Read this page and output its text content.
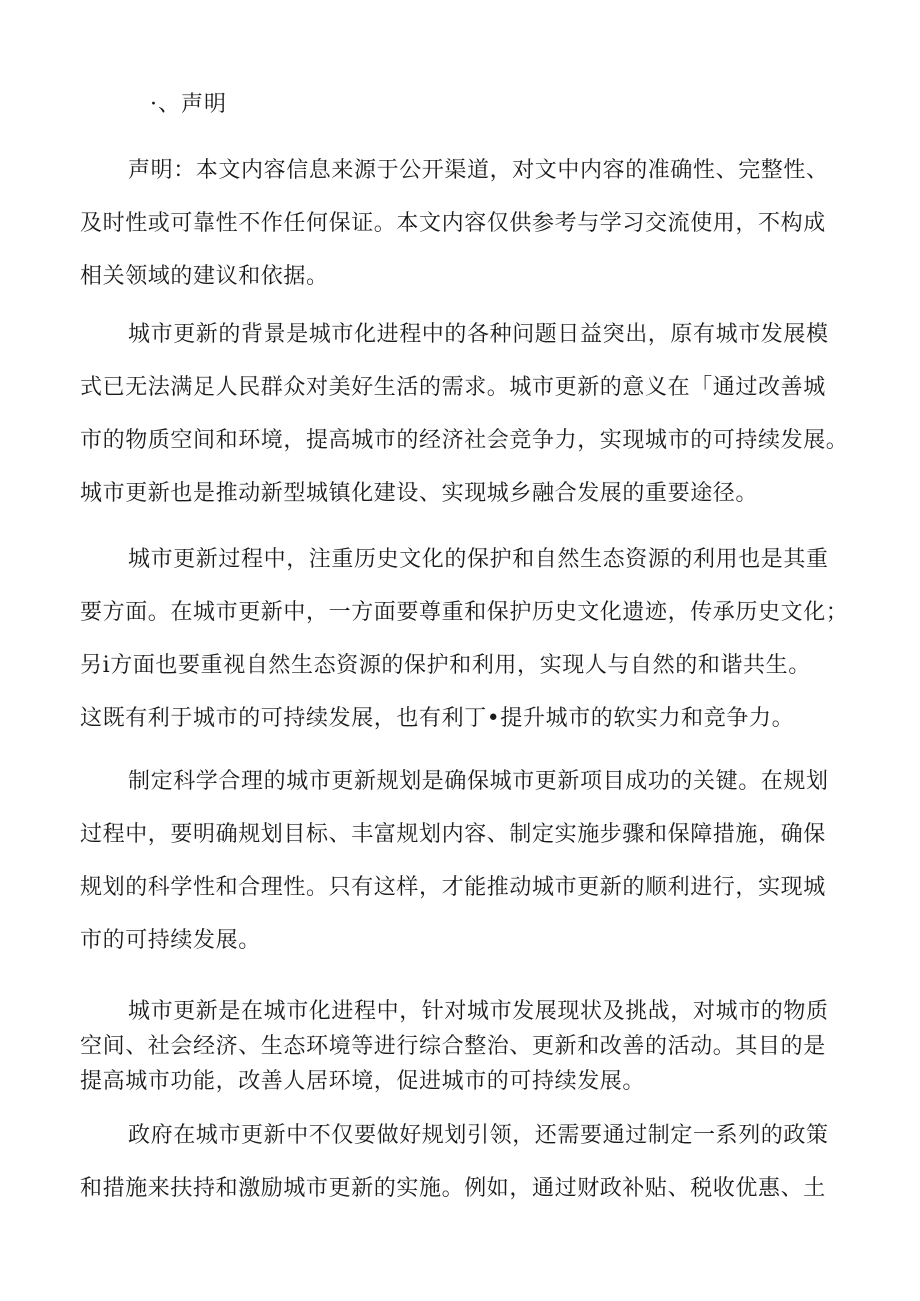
·、声明
声明：本文内容信息来源于公开渠道，对文中内容的准确性、完整性、
及时性或可靠性不作任何保证。本文内容仅供参考与学习交流使用，不构成
相关领域的建议和依据。
城市更新的背景是城市化进程中的各种问题日益突出，原有城市发展模
式已无法满足人民群众对美好生活的需求。城市更新的意义在「通过改善城
市的物质空间和环境，提高城市的经济社会竞争力，实现城市的可持续发展。
城市更新也是推动新型城镇化建设、实现城乡融合发展的重要途径。
城市更新过程中，注重历史文化的保护和自然生态资源的利用也是其重
要方面。在城市更新中，一方面要尊重和保护历史文化遗迹，传承历史文化；
另i方面也要重视自然生态资源的保护和利用，实现人与自然的和谐共生。
这既有利于城市的可持续发展，也有利丁•提升城市的软实力和竞争力。
制定科学合理的城市更新规划是确保城市更新项目成功的关键。在规划
过程中，要明确规划目标、丰富规划内容、制定实施步骤和保障措施，确保
规划的科学性和合理性。只有这样，才能推动城市更新的顺利进行，实现城
市的可持续发展。
城市更新是在城市化进程中，针对城市发展现状及挑战，对城市的物质
空间、社会经济、生态环境等进行综合整治、更新和改善的活动。其目的是
提高城市功能，改善人居环境，促进城市的可持续发展。
政府在城市更新中不仅要做好规划引领，还需要通过制定一系列的政策
和措施来扶持和激励城市更新的实施。例如，通过财政补贴、税收优惠、土
